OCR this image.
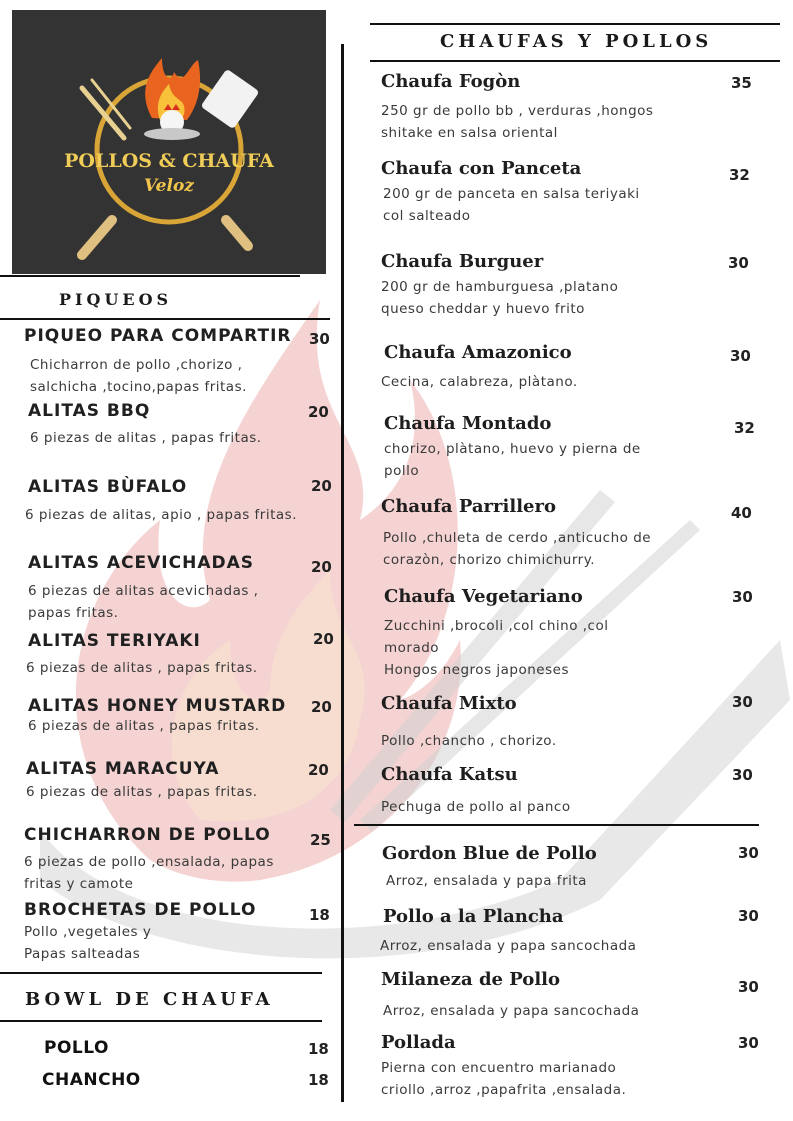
POLLOS & CHAUFA
Veloz
PIQUEOS
CHAUFAS Y POLLOS
BOWL DE CHAUFA
PIQUEO PARA COMPARTIR 30
Chicharron de pollo ,chorizo ,
salchicha ,tocino,papas fritas.
ALITAS BBQ	20
6 piezas de alitas , papas fritas.
ALITAS BÙFALO	20
6 piezas de alitas, apio , papas fritas.
ALITAS ACEVICHADAS	20
6 piezas de alitas acevichadas ,
papas fritas.
ALITAS TERIYAKI	20
6 piezas de alitas , papas fritas.
ALITAS HONEY MUSTARD 20
6 piezas de alitas , papas fritas.
ALITAS MARACUYA	20
6 piezas de alitas , papas fritas.
CHICHARRON DE POLLO	25
6 piezas de pollo ,ensalada, papas
fritas y camote
BROCHETAS DE POLLO	18
Pollo ,vegetales y
Papas salteadas
POLLO	18
CHANCHO	18
Chaufa Fogòn	35
250 gr de pollo bb , verduras ,hongos
shitake en salsa oriental
Chaufa con Panceta	32
200 gr de panceta en salsa teriyaki
col salteado
Chaufa Burguer	30
200 gr de hamburguesa ,platano
queso cheddar y huevo frito
Chaufa Amazonico	30
Cecina, calabreza, plàtano.
Chaufa Montado	32
chorizo, plàtano, huevo y pierna de
pollo
Chaufa Parrillero	40
Pollo ,chuleta de cerdo ,anticucho de
corazòn, chorizo chimichurry.
Chaufa Vegetariano	30
Zucchini ,brocoli ,col chino ,col
morado
Hongos negros japoneses
Chaufa Mixto	30
Pollo ,chancho , chorizo.
Chaufa Katsu	30
Pechuga de pollo al panco
Gordon Blue de Pollo	30
Arroz, ensalada y papa frita
Pollo a la Plancha	30
Arroz, ensalada y papa sancochada
Milaneza de Pollo	30
Arroz, ensalada y papa sancochada
Pollada	30
Pierna con encuentro marianado
criollo ,arroz ,papafrita ,ensalada.
